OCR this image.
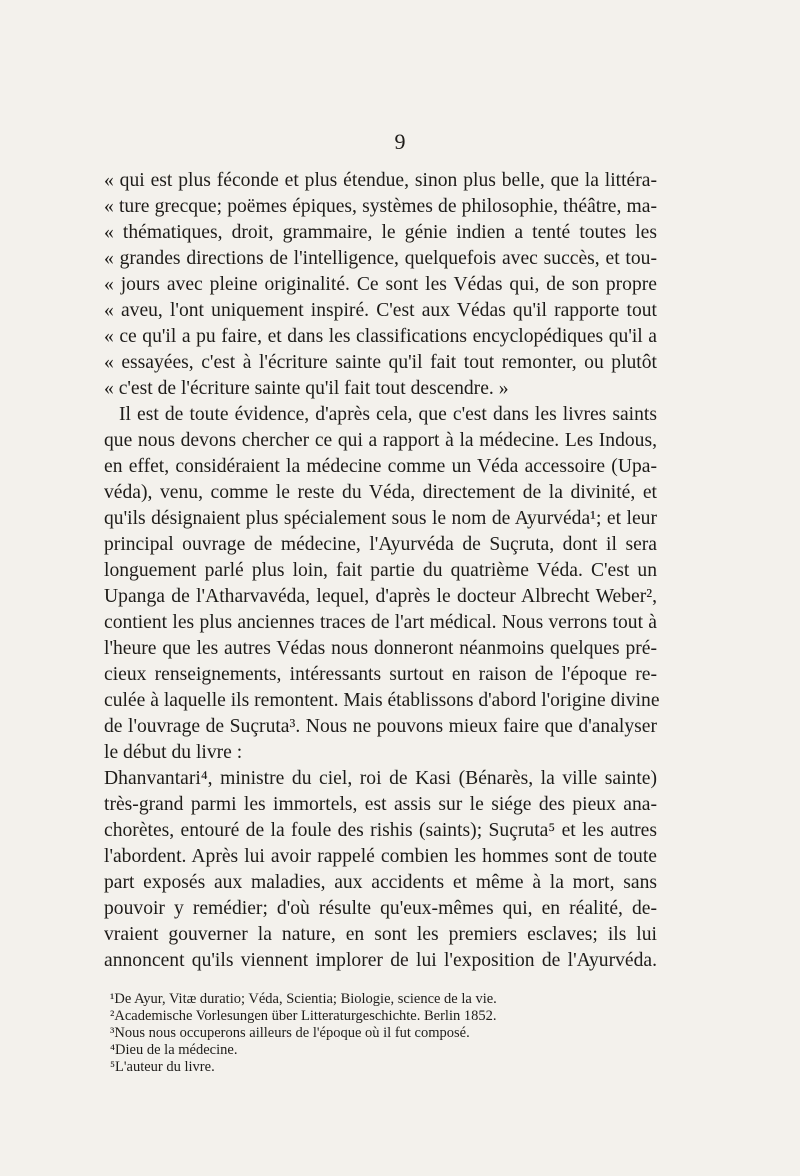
9
« qui est plus féconde et plus étendue, sinon plus belle, que la littéra-
« ture grecque; poëmes épiques, systèmes de philosophie, théâtre, ma-
« thématiques, droit, grammaire, le génie indien a tenté toutes les
« grandes directions de l'intelligence, quelquefois avec succès, et tou-
« jours avec pleine originalité. Ce sont les Védas qui, de son propre
« aveu, l'ont uniquement inspiré. C'est aux Védas qu'il rapporte tout
« ce qu'il a pu faire, et dans les classifications encyclopédiques qu'il a
« essayées, c'est à l'écriture sainte qu'il fait tout remonter, ou plutôt
« c'est de l'écriture sainte qu'il fait tout descendre. »
Il est de toute évidence, d'après cela, que c'est dans les livres saints
que nous devons chercher ce qui a rapport à la médecine. Les Indous,
en effet, considéraient la médecine comme un Véda accessoire (Upa-
véda), venu, comme le reste du Véda, directement de la divinité, et
qu'ils désignaient plus spécialement sous le nom de Ayurvéda¹; et leur
principal ouvrage de médecine, l'Ayurvéda de Suçruta, dont il sera
longuement parlé plus loin, fait partie du quatrième Véda. C'est un
Upanga de l'Atharvavéda, lequel, d'après le docteur Albrecht Weber²,
contient les plus anciennes traces de l'art médical. Nous verrons tout à
l'heure que les autres Védas nous donneront néanmoins quelques pré-
cieux renseignements, intéressants surtout en raison de l'époque re-
culée à laquelle ils remontent. Mais établissons d'abord l'origine divine
de l'ouvrage de Suçruta³. Nous ne pouvons mieux faire que d'analyser
le début du livre :
Dhanvantari⁴, ministre du ciel, roi de Kasi (Bénarès, la ville sainte)
très-grand parmi les immortels, est assis sur le siége des pieux ana-
chorètes, entouré de la foule des rishis (saints); Suçruta⁵ et les autres
l'abordent. Après lui avoir rappelé combien les hommes sont de toute
part exposés aux maladies, aux accidents et même à la mort, sans
pouvoir y remédier; d'où résulte qu'eux-mêmes qui, en réalité, de-
vraient gouverner la nature, en sont les premiers esclaves; ils lui
annoncent qu'ils viennent implorer de lui l'exposition de l'Ayurvéda.
¹De Ayur, Vitæ duratio; Véda, Scientia; Biologie, science de la vie.
²Academische Vorlesungen über Litteraturgeschichte. Berlin 1852.
³Nous nous occuperons ailleurs de l'époque où il fut composé.
⁴Dieu de la médecine.
⁵L'auteur du livre.
